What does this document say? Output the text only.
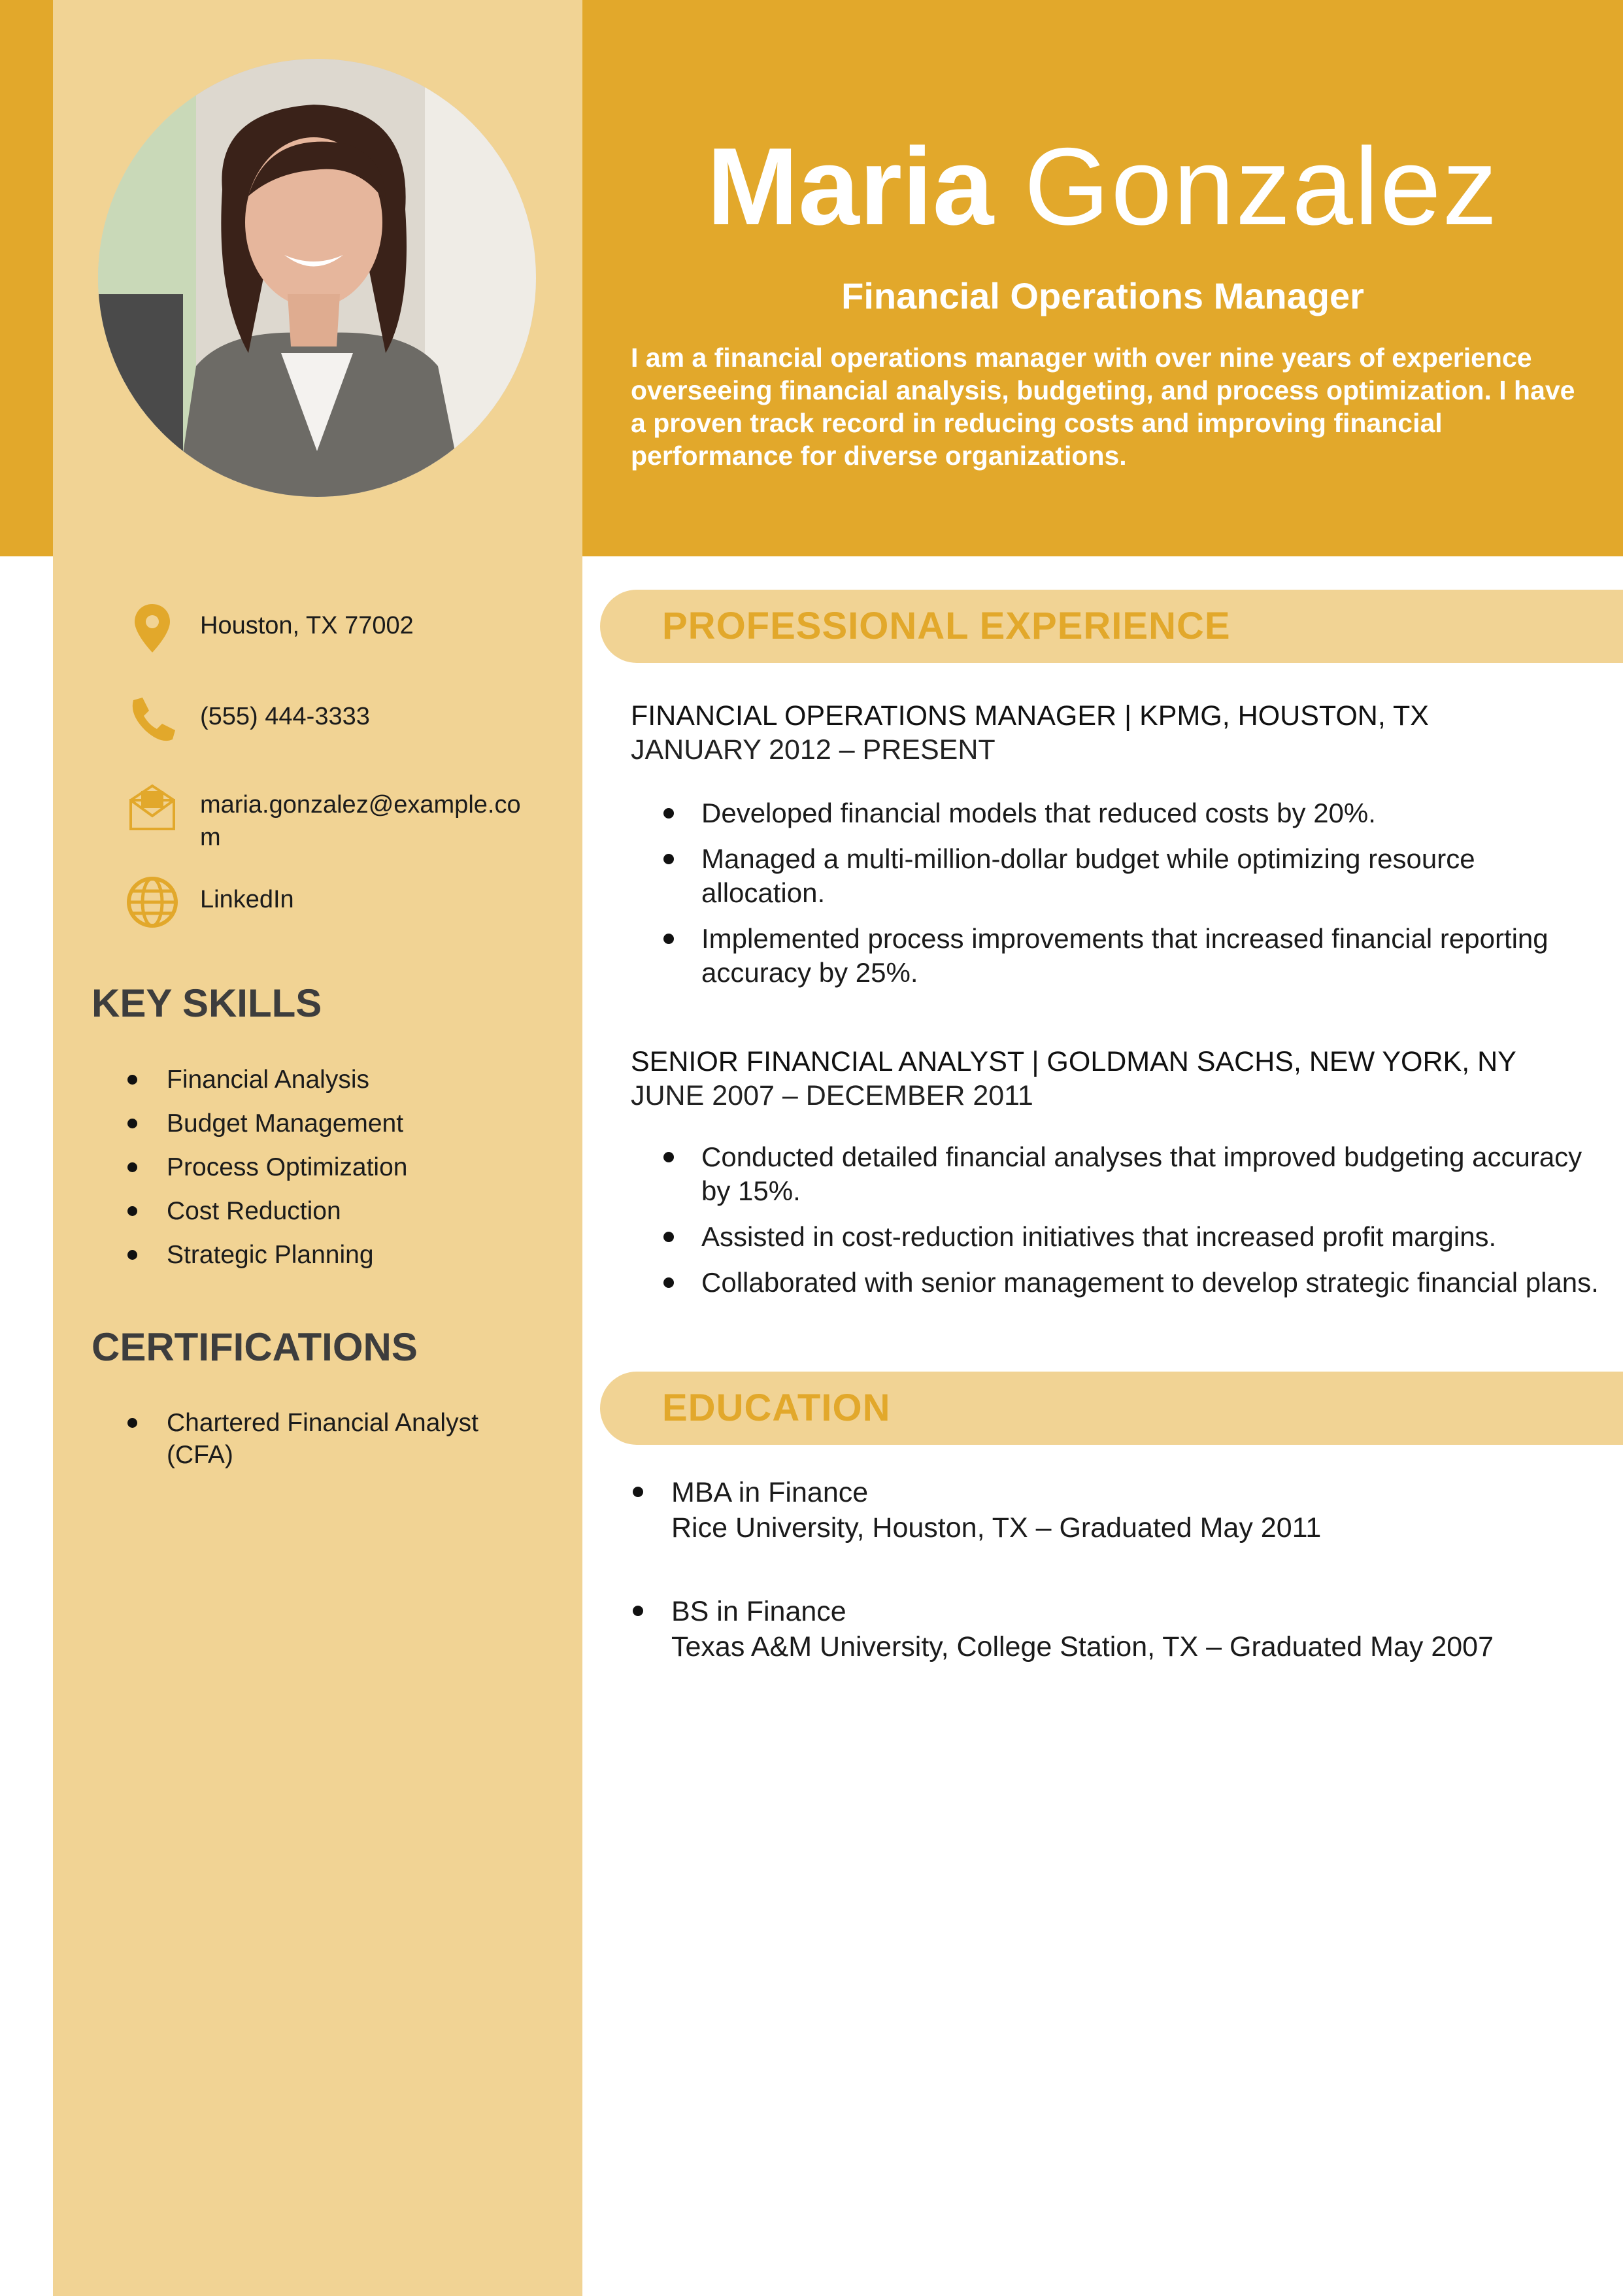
Maria Gonzalez
Financial Operations Manager
I am a financial operations manager with over nine years of experience overseeing financial analysis, budgeting, and process optimization. I have a proven track record in reducing costs and improving financial performance for diverse organizations.
Houston, TX 77002
(555) 444-3333
maria.gonzalez@example.com
LinkedIn
KEY SKILLS
Financial Analysis
Budget Management
Process Optimization
Cost Reduction
Strategic Planning
CERTIFICATIONS
Chartered Financial Analyst (CFA)
PROFESSIONAL EXPERIENCE
FINANCIAL OPERATIONS MANAGER | KPMG, HOUSTON, TX
JANUARY 2012 – PRESENT
Developed financial models that reduced costs by 20%.
Managed a multi-million-dollar budget while optimizing resource allocation.
Implemented process improvements that increased financial reporting accuracy by 25%.
SENIOR FINANCIAL ANALYST | GOLDMAN SACHS, NEW YORK, NY
JUNE 2007 – DECEMBER 2011
Conducted detailed financial analyses that improved budgeting accuracy by 15%.
Assisted in cost-reduction initiatives that increased profit margins.
Collaborated with senior management to develop strategic financial plans.
EDUCATION
MBA in Finance
Rice University, Houston, TX – Graduated May 2011
BS in Finance
Texas A&M University, College Station, TX – Graduated May 2007
